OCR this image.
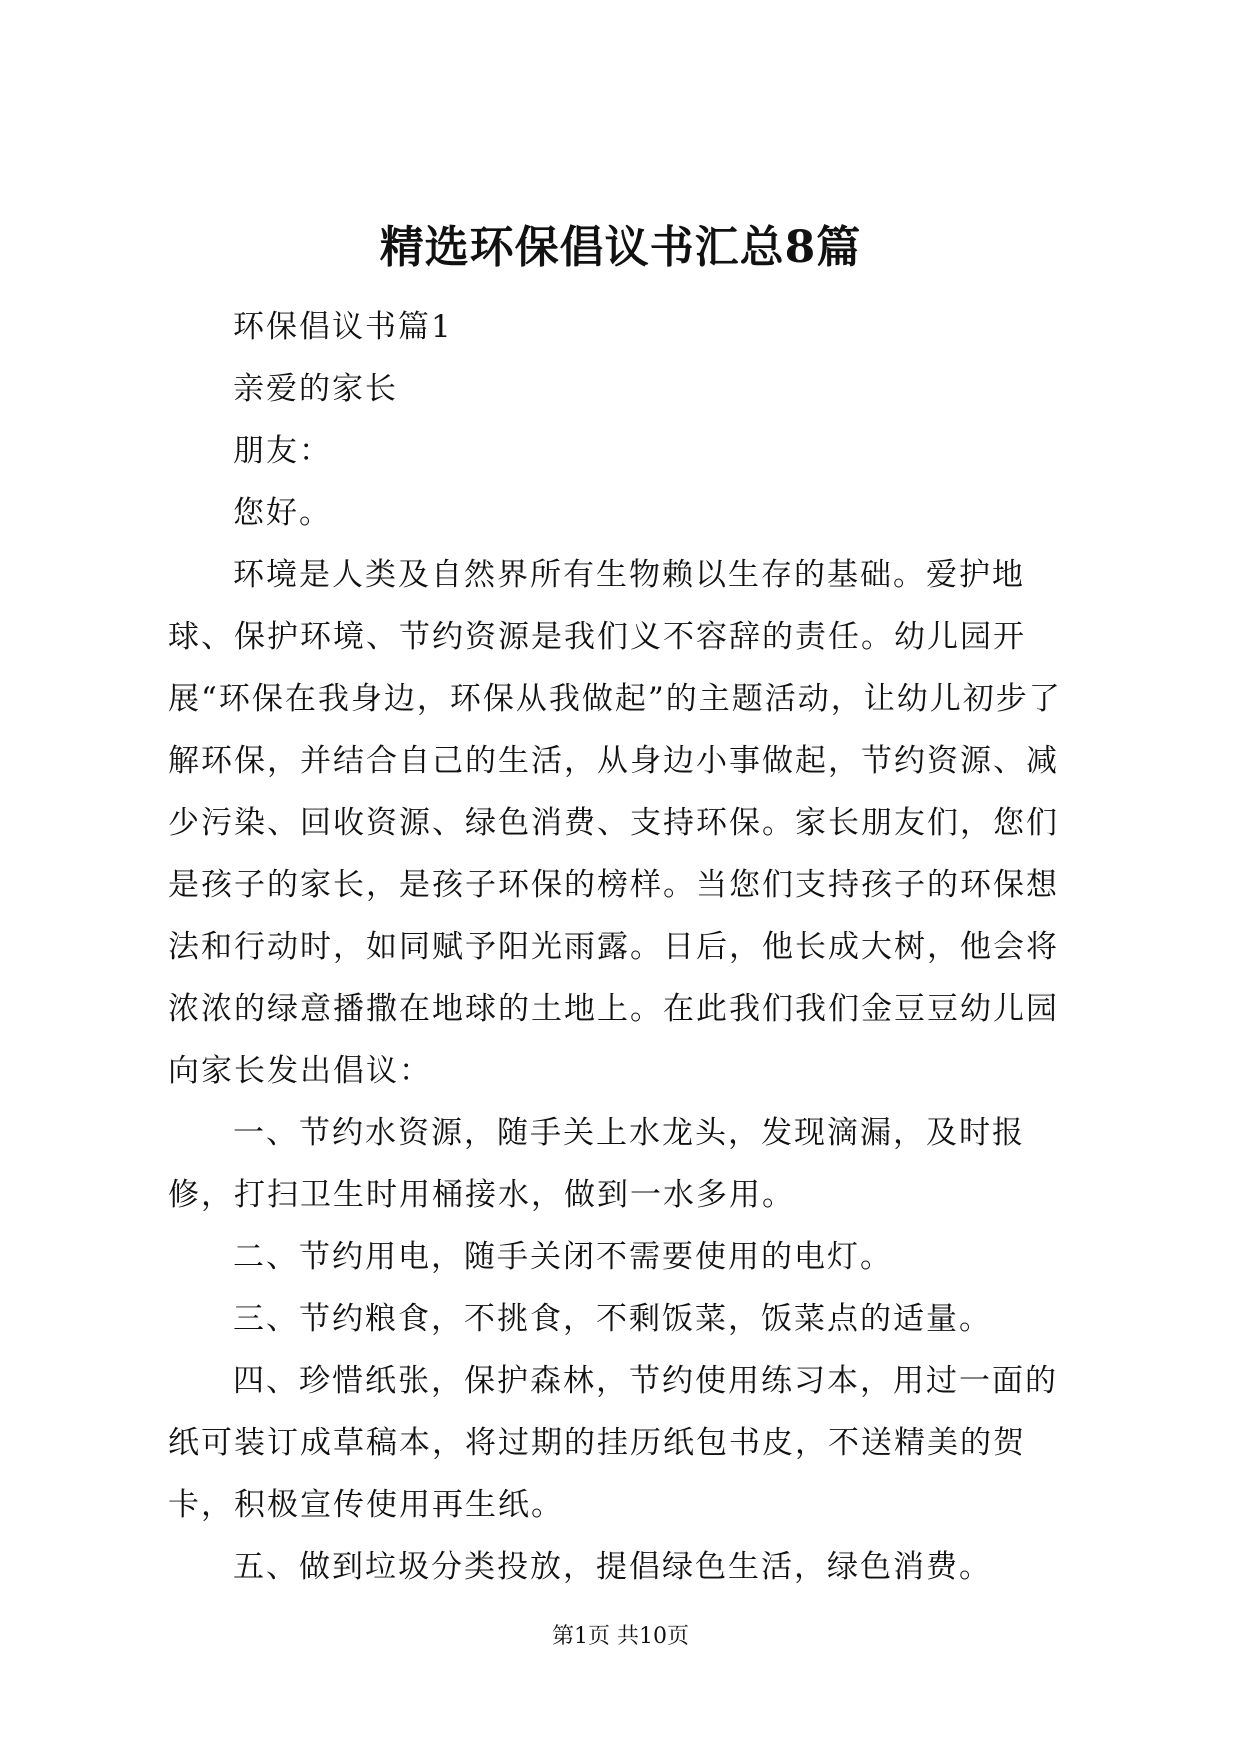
精选环保倡议书汇总8篇

环保倡议书篇1

亲爱的家长

朋友：

您好。

环境是人类及自然界所有生物赖以生存的基础。爱护地球、保护环境、节约资源是我们义不容辞的责任。幼儿园开展“环保在我身边，环保从我做起”的主题活动，让幼儿初步了解环保，并结合自己的生活，从身边小事做起，节约资源、减少污染、回收资源、绿色消费、支持环保。家长朋友们，您们是孩子的家长，是孩子环保的榜样。当您们支持孩子的环保想法和行动时，如同赋予阳光雨露。日后，他长成大树，他会将浓浓的绿意播撒在地球的土地上。在此我们我们金豆豆幼儿园向家长发出倡议：

一、节约水资源，随手关上水龙头，发现滴漏，及时报修，打扫卫生时用桶接水，做到一水多用。

二、节约用电，随手关闭不需要使用的电灯。

三、节约粮食，不挑食，不剩饭菜，饭菜点的适量。

四、珍惜纸张，保护森林，节约使用练习本，用过一面的纸可装订成草稿本，将过期的挂历纸包书皮，不送精美的贺卡，积极宣传使用再生纸。

五、做到垃圾分类投放，提倡绿色生活，绿色消费。

第1页 共10页
